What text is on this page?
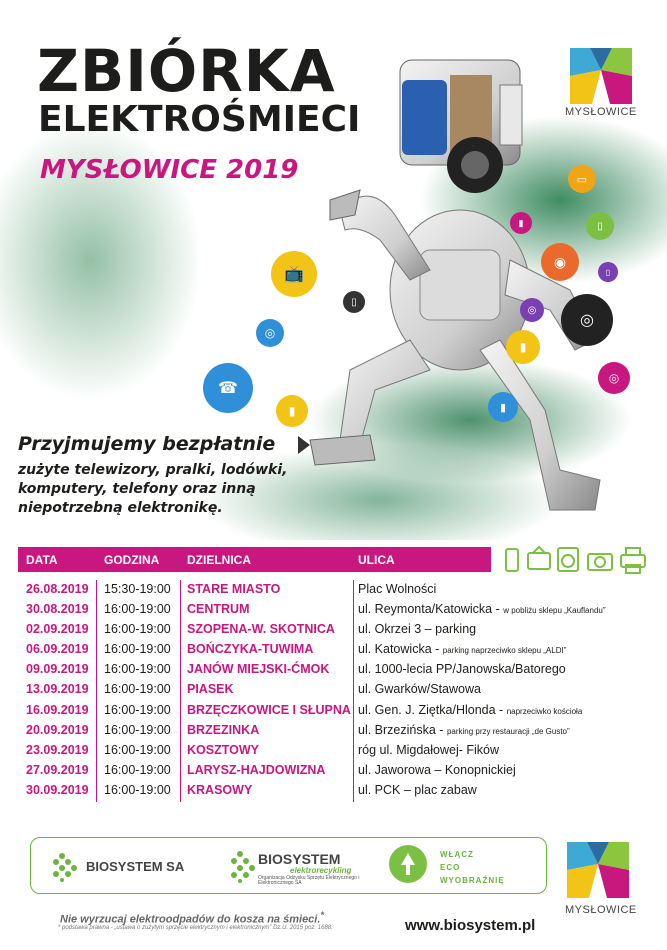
ZBIÓRKA
ELEKTROŚMIECI
MYSŁOWICE 2019
MYSŁOWICE
📺
☎
▮
◎
▯
◉
◎
▮
◎
◎
▯
▮
▭
▮
▯
Przyjmujemy bezpłatnie
zużyte telewizory, pralki, lodówki, komputery, telefony oraz inną niepotrzebną elektronikę.
DATA	GODZINA DZIELNICA	ULICA
26.08.2019 15:30-19:00 STARE MIASTO	Plac Wolności
30.08.2019 16:00-19:00 CENTRUM	ul. Reymonta/Katowicka - w pobliżu sklepu „Kauflandu”
02.09.2019 16:00-19:00 SZOPENA-W. SKOTNICA ul. Okrzei 3 – parking
06.09.2019 16:00-19:00 BOŃCZYKA-TUWIMA	ul. Katowicka - parking naprzeciwko sklepu „ALDI”
09.09.2019 16:00-19:00 JANÓW MIEJSKI-ĆMOK ul. 1000-lecia PP/Janowska/Batorego
13.09.2019 16:00-19:00 PIASEK	ul. Gwarków/Stawowa
16.09.2019 16:00-19:00 BRZĘCZKOWICE I SŁUPNA ul. Gen. J. Ziętka/Hlonda - naprzeciwko kościoła
20.09.2019 16:00-19:00 BRZEZINKA	ul. Brzezińska - parking przy restauracji „de Gusto”
23.09.2019 16:00-19:00 KOSZTOWY	róg ul. Migdałowej- Fików
27.09.2019 16:00-19:00 LARYSZ-HAJDOWIZNA	ul. Jaworowa – Konopnickiej
30.09.2019 16:00-19:00 KRASOWY	ul. PCK – plac zabaw
BIOSYSTEM SA	BIOSYSTEM
elektrorecykling
Organizacja Odzysku Sprzętu Elektrycznego i Elektronicznego SA
WŁĄCZ
ECO
WYOBRAŹNIĘ
MYSŁOWICE
Nie wyrzucaj elektroodpadów do kosza na śmieci.*
* podstawa prawna - „ustawa o zużytym sprzęcie elektrycznym i elektronicznym” Dz.U. 2015 poz. 1688.	www.biosystem.pl
